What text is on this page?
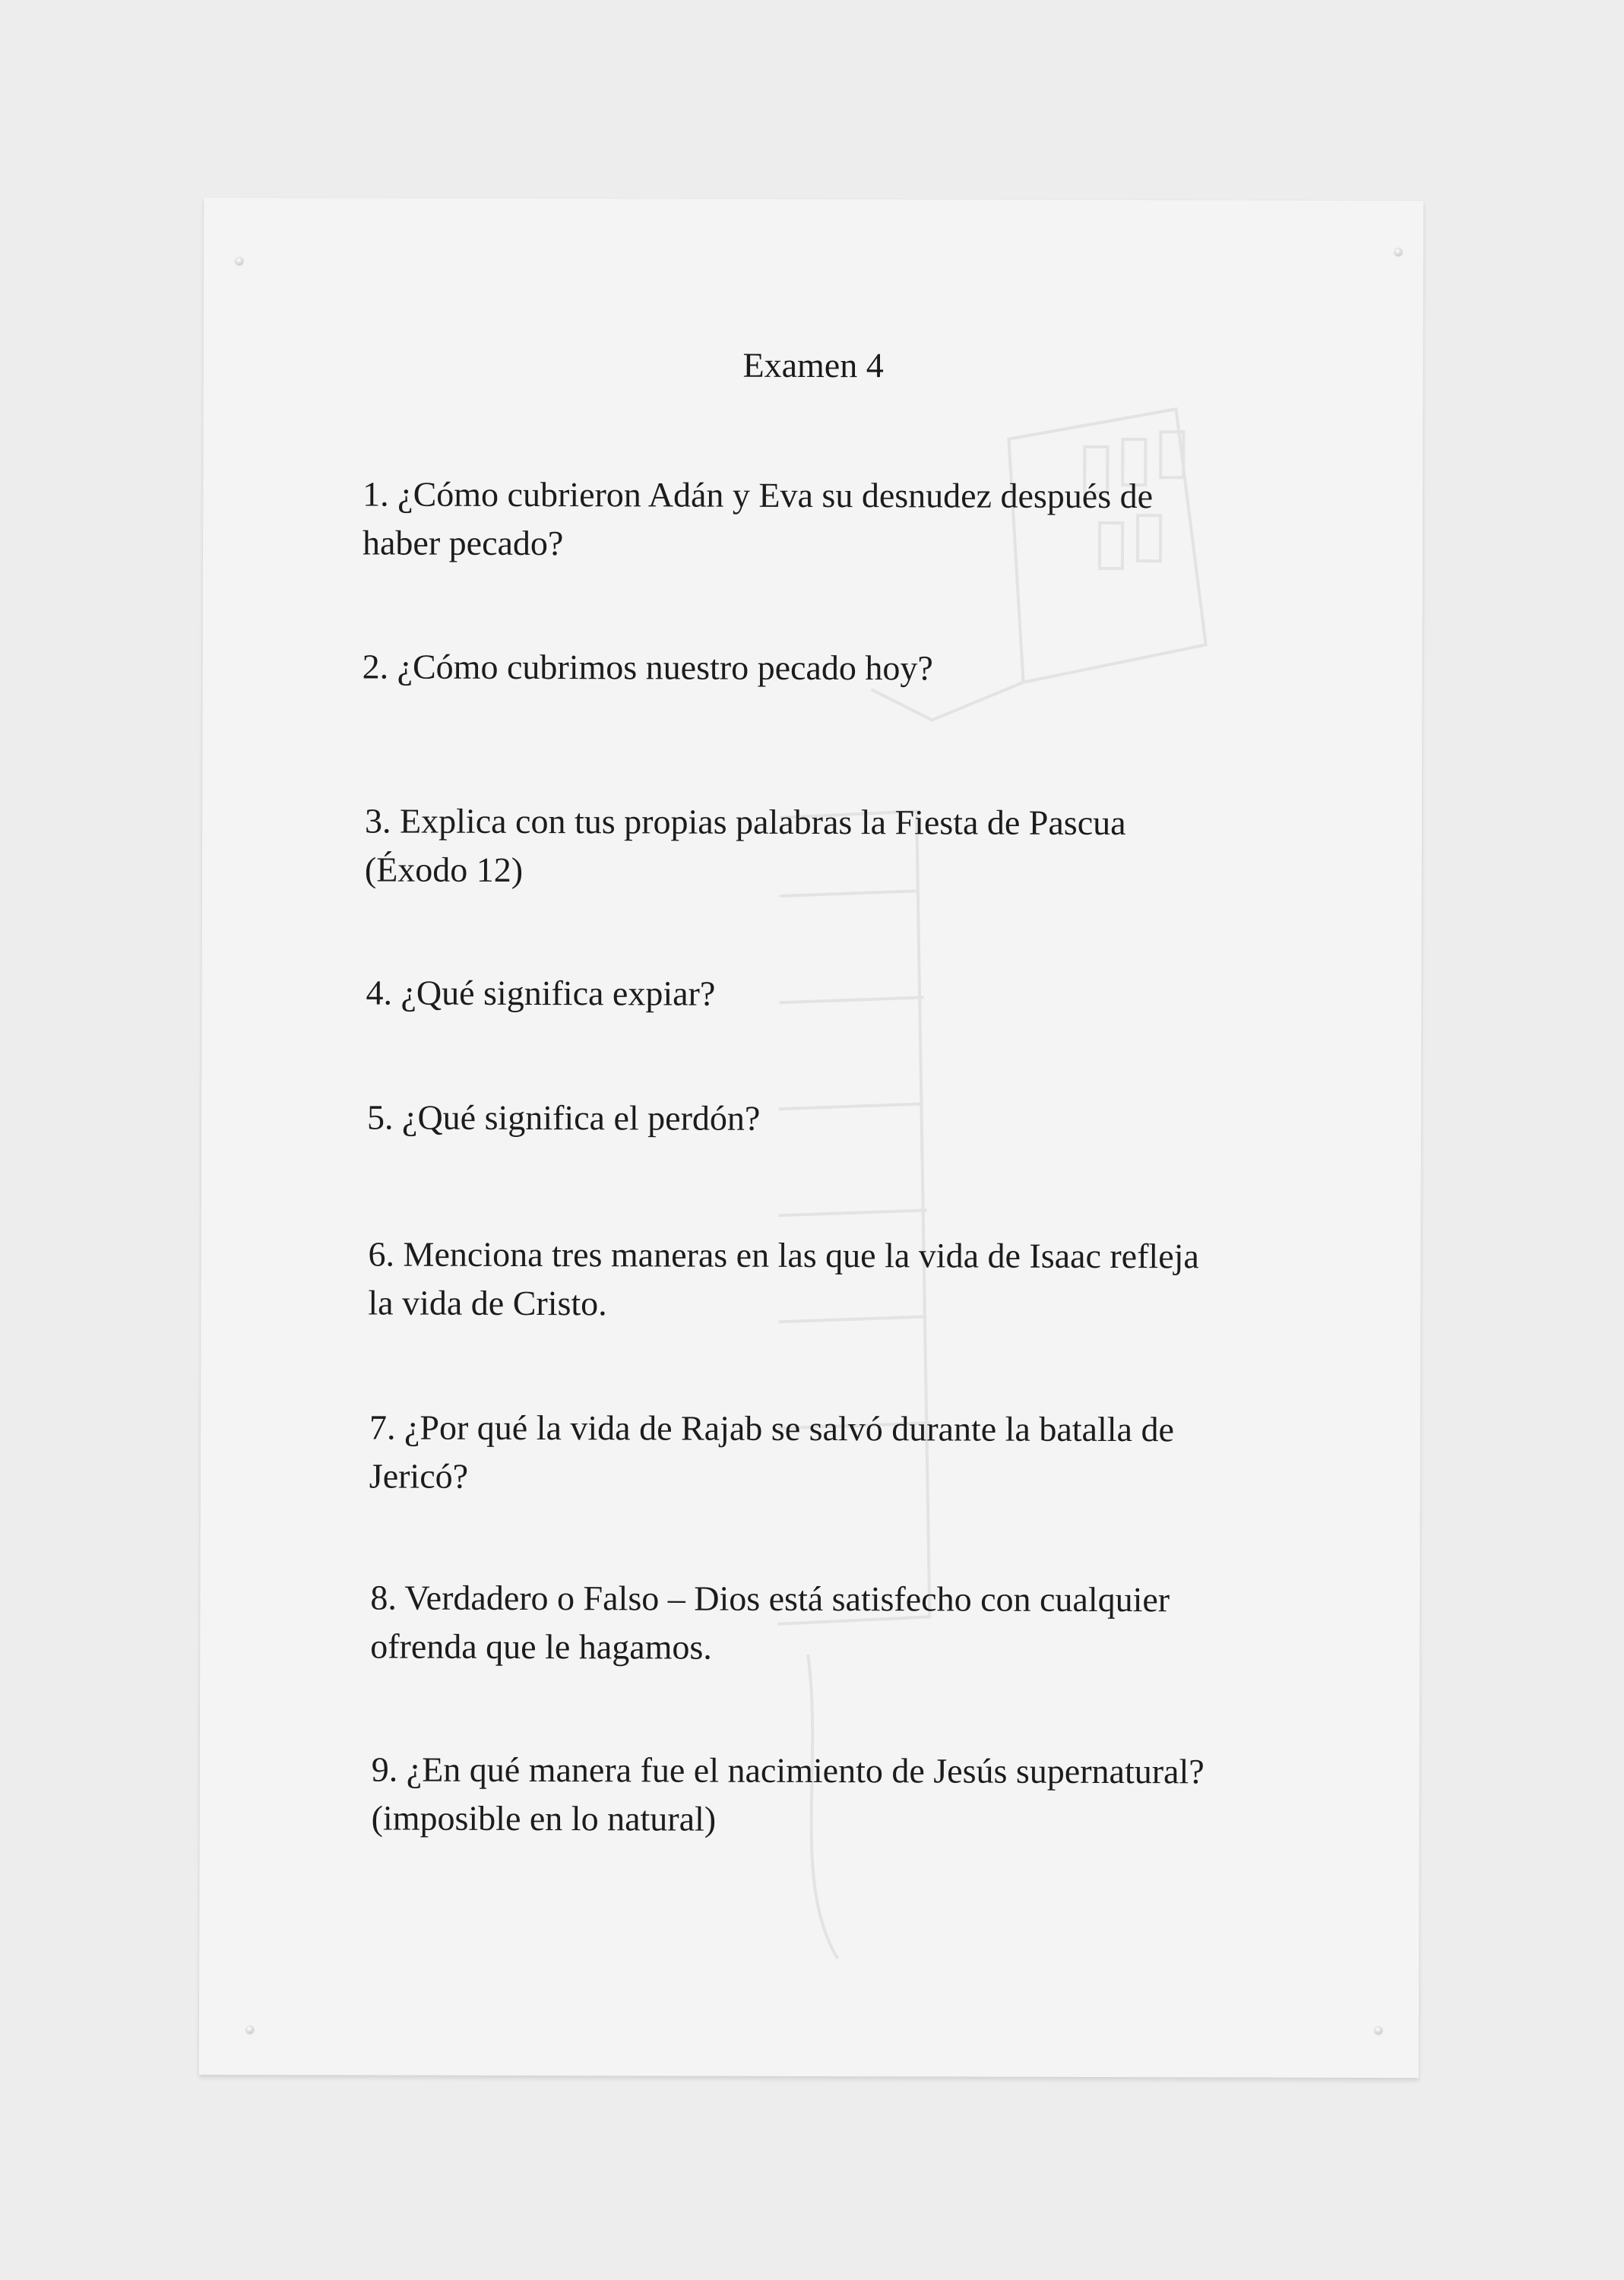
Examen 4
1. ¿Cómo cubrieron Adán y Eva su desnudez después de
haber pecado?
2. ¿Cómo cubrimos nuestro pecado hoy?
3. Explica con tus propias palabras la Fiesta de Pascua
(Éxodo 12)
4. ¿Qué significa expiar?
5. ¿Qué significa el perdón?
6. Menciona tres maneras en las que la vida de Isaac refleja
la vida de Cristo.
7. ¿Por qué la vida de Rajab se salvó durante la batalla de
Jericó?
8. Verdadero o Falso – Dios está satisfecho con cualquier
ofrenda que le hagamos.
9. ¿En qué manera fue el nacimiento de Jesús supernatural?
(imposible en lo natural)
